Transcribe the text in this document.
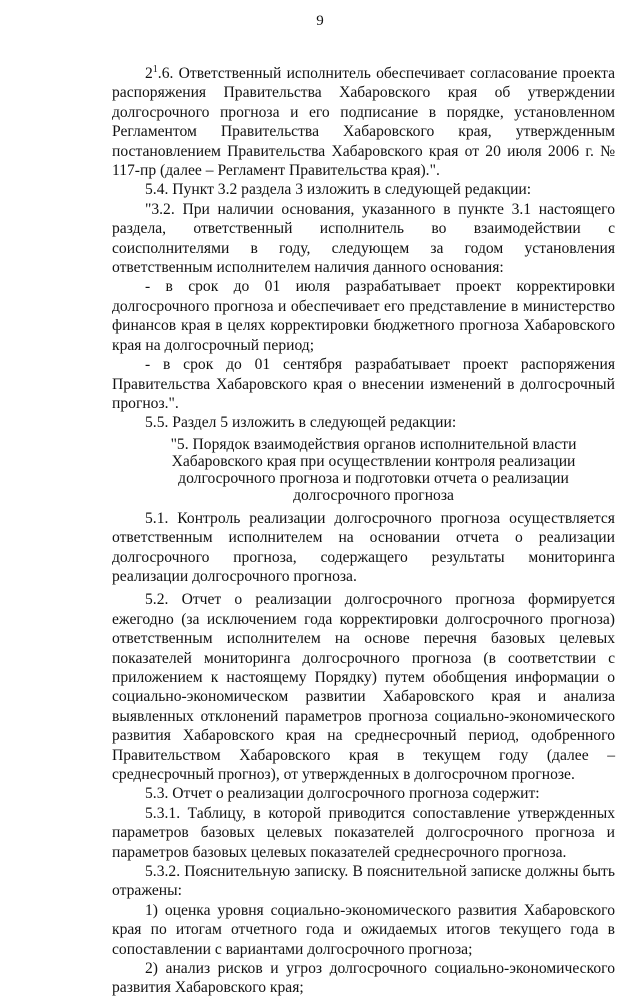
9

$2^1.6$. Ответственный исполнитель обеспечивает согласование проекта распоряжения Правительства Хабаровского края об утверждении долгосрочного прогноза и его подписание в порядке, установленном Регламентом Правительства Хабаровского края, утвержденным постановлением Правительства Хабаровского края от 20 июля 2006 г. № 117-пр (далее – Регламент Правительства края).".

5.4. Пункт 3.2 раздела 3 изложить в следующей редакции:

"3.2. При наличии основания, указанного в пункте 3.1 настоящего раздела, ответственный исполнитель во взаимодействии с соисполнителями в году, следующем за годом установления ответственным исполнителем наличия данного основания:

- в срок до 01 июля разрабатывает проект корректировки долгосрочного прогноза и обеспечивает его представление в министерство финансов края в целях корректировки бюджетного прогноза Хабаровского края на долгосрочный период;

- в срок до 01 сентября разрабатывает проект распоряжения Правительства Хабаровского края о внесении изменений в долгосрочный прогноз.".

5.5. Раздел 5 изложить в следующей редакции:

"5. Порядок взаимодействия органов исполнительной власти Хабаровского края при осуществлении контроля реализации долгосрочного прогноза и подготовки отчета о реализации долгосрочного прогноза

5.1. Контроль реализации долгосрочного прогноза осуществляется ответственным исполнителем на основании отчета о реализации долгосрочного прогноза, содержащего результаты мониторинга реализации долгосрочного прогноза.

5.2. Отчет о реализации долгосрочного прогноза формируется ежегодно (за исключением года корректировки долгосрочного прогноза) ответственным исполнителем на основе перечня базовых целевых показателей мониторинга долгосрочного прогноза (в соответствии с приложением к настоящему Порядку) путем обобщения информации о социально-экономическом развитии Хабаровского края и анализа выявленных отклонений параметров прогноза социально-экономического развития Хабаровского края на среднесрочный период, одобренного Правительством Хабаровского края в текущем году (далее – среднесрочный прогноз), от утвержденных в долгосрочном прогнозе.

5.3. Отчет о реализации долгосрочного прогноза содержит:

5.3.1. Таблицу, в которой приводится сопоставление утвержденных параметров базовых целевых показателей долгосрочного прогноза и параметров базовых целевых показателей среднесрочного прогноза.

5.3.2. Пояснительную записку. В пояснительной записке должны быть отражены:

1) оценка уровня социально-экономического развития Хабаровского края по итогам отчетного года и ожидаемых итогов текущего года в сопоставлении с вариантами долгосрочного прогноза;

2) анализ рисков и угроз долгосрочного социально-экономического развития Хабаровского края;
